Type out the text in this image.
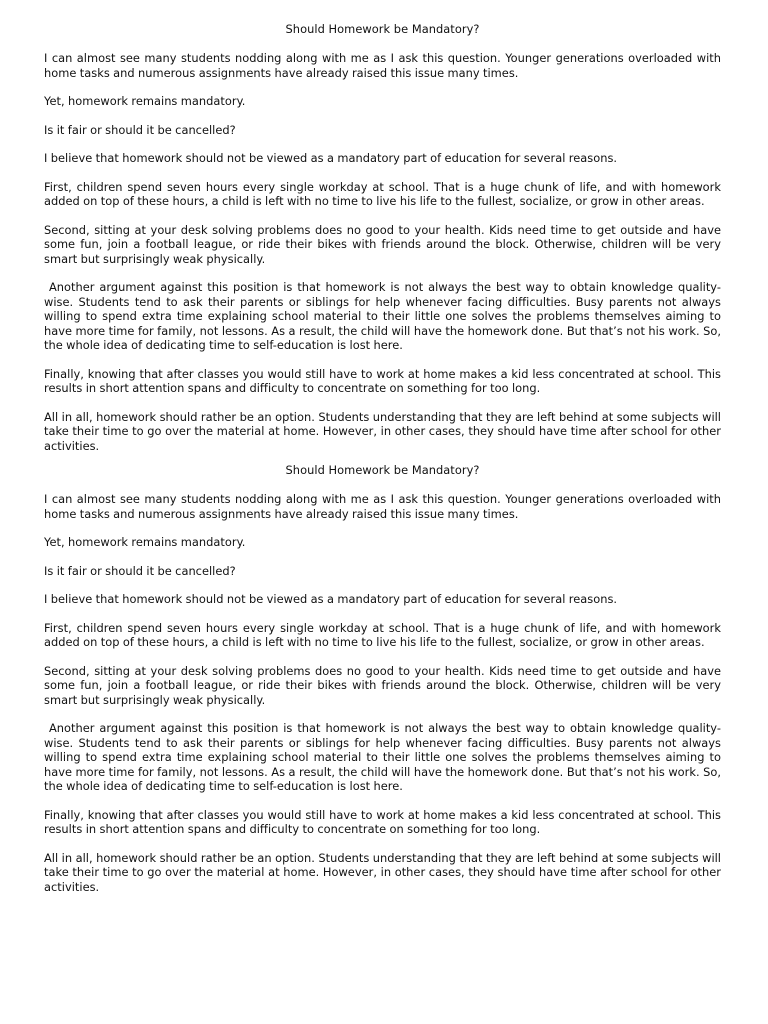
Should Homework be Mandatory?

I can almost see many students nodding along with me as I ask this question. Younger generations overloaded with home tasks and numerous assignments have already raised this issue many times.

Yet, homework remains mandatory.

Is it fair or should it be cancelled?

I believe that homework should not be viewed as a mandatory part of education for several reasons.

First, children spend seven hours every single workday at school. That is a huge chunk of life, and with homework added on top of these hours, a child is left with no time to live his life to the fullest, socialize, or grow in other areas.

Second, sitting at your desk solving problems does no good to your health. Kids need time to get outside and have some fun, join a football league, or ride their bikes with friends around the block. Otherwise, children will be very smart but surprisingly weak physically.

Another argument against this position is that homework is not always the best way to obtain knowledge quality-wise. Students tend to ask their parents or siblings for help whenever facing difficulties. Busy parents not always willing to spend extra time explaining school material to their little one solves the problems themselves aiming to have more time for family, not lessons. As a result, the child will have the homework done. But that’s not his work. So, the whole idea of dedicating time to self-education is lost here.

Finally, knowing that after classes you would still have to work at home makes a kid less concentrated at school. This results in short attention spans and difficulty to concentrate on something for too long.

All in all, homework should rather be an option. Students understanding that they are left behind at some subjects will take their time to go over the material at home. However, in other cases, they should have time after school for other activities.

Should Homework be Mandatory?

I can almost see many students nodding along with me as I ask this question. Younger generations overloaded with home tasks and numerous assignments have already raised this issue many times.

Yet, homework remains mandatory.

Is it fair or should it be cancelled?

I believe that homework should not be viewed as a mandatory part of education for several reasons.

First, children spend seven hours every single workday at school. That is a huge chunk of life, and with homework added on top of these hours, a child is left with no time to live his life to the fullest, socialize, or grow in other areas.

Second, sitting at your desk solving problems does no good to your health. Kids need time to get outside and have some fun, join a football league, or ride their bikes with friends around the block. Otherwise, children will be very smart but surprisingly weak physically.

Another argument against this position is that homework is not always the best way to obtain knowledge quality-wise. Students tend to ask their parents or siblings for help whenever facing difficulties. Busy parents not always willing to spend extra time explaining school material to their little one solves the problems themselves aiming to have more time for family, not lessons. As a result, the child will have the homework done. But that’s not his work. So, the whole idea of dedicating time to self-education is lost here.

Finally, knowing that after classes you would still have to work at home makes a kid less concentrated at school. This results in short attention spans and difficulty to concentrate on something for too long.

All in all, homework should rather be an option. Students understanding that they are left behind at some subjects will take their time to go over the material at home. However, in other cases, they should have time after school for other activities.
